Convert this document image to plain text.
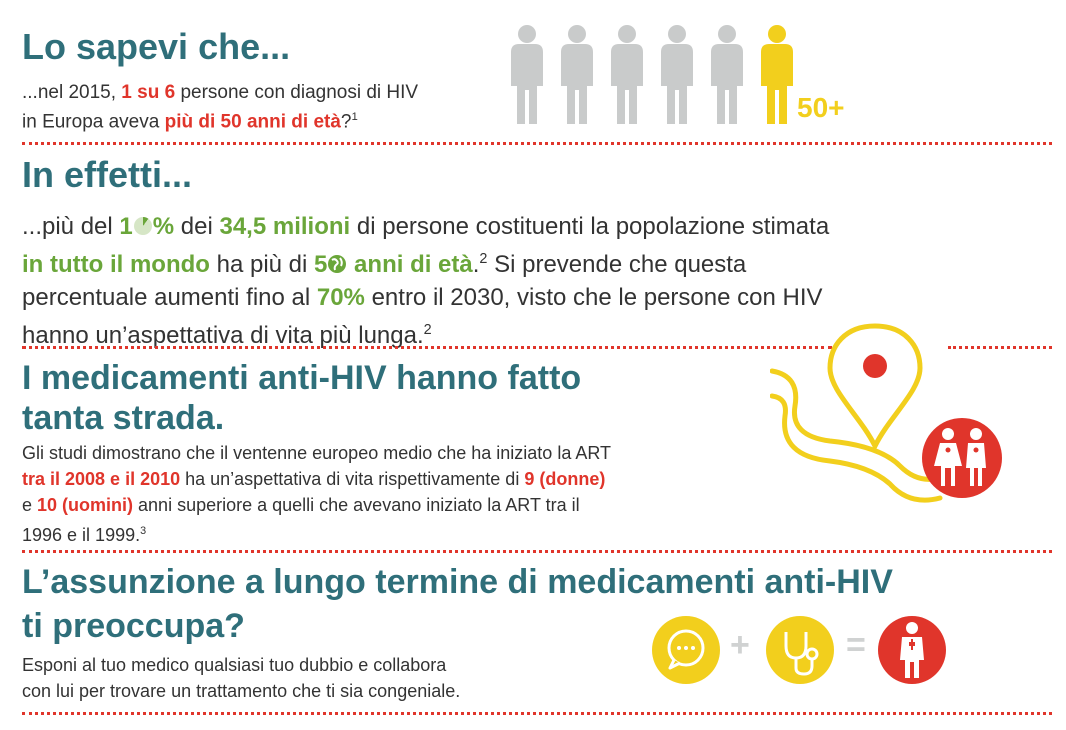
Lo sapevi che...
...nel 2015, 1 su 6 persone con diagnosi di HIV
in Europa aveva più di 50 anni di età?$^1$	50+
In effetti...
...più del 1 % dei 34,5 milioni di persone costituenti la popolazione stimata
in tutto il mondo ha più di 5 anni di età.$^2$ Si prevende che questa
percentuale aumenti fino al 70% entro il 2030, visto che le persone con HIV
hanno un’aspettativa di vita più lunga.$^2$
I medicamenti anti-HIV hanno fatto
tanta strada.
Gli studi dimostrano che il ventenne europeo medio che ha iniziato la ART
tra il 2008 e il 2010 ha un’aspettativa di vita rispettivamente di 9 (donne)
e 10 (uomini) anni superiore a quelli che avevano iniziato la ART tra il
1996 e il 1999.$^3$
L’assunzione a lungo termine di medicamenti anti-HIV
ti preoccupa?
Esponi al tuo medico qualsiasi tuo dubbio e collabora
con lui per trovare un trattamento che ti sia congeniale.
+	=
